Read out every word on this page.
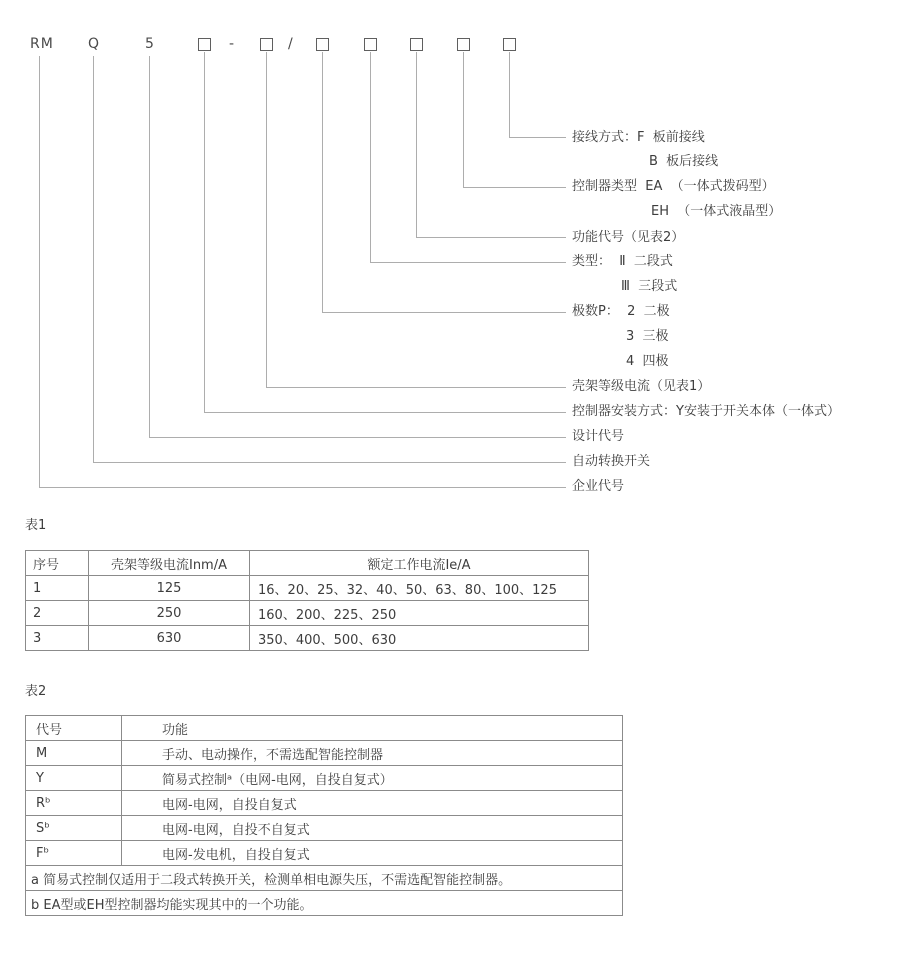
RM Q	5	-	/
接线方式：F  板前接线
B  板后接线
控制器类型  EA  （一体式拨码型）
EH  （一体式液晶型）
功能代号（见表2）
类型：  Ⅱ  二段式
Ⅲ  三段式
极数P：  2  二极
3  三极
4  四极
壳架等级电流（见表1）
控制器安装方式：Y安装于开关本体（一体式）
设计代号
自动转换开关
企业代号
表1
序号	壳架等级电流Inm/A	额定工作电流Ie/A
1	125	16、20、25、32、40、50、63、80、100、125
2	250	160、200、225、250
3	630	350、400、500、630
表2
代号	功能
M	手动、电动操作，不需选配智能控制器
Y	简易式控制ᵃ（电网-电网，自投自复式）
Rᵇ	电网-电网，自投自复式
Sᵇ	电网-电网，自投不自复式
Fᵇ	电网-发电机，自投自复式
a 简易式控制仅适用于二段式转换开关，检测单相电源失压，不需选配智能控制器。	
b EA型或EH型控制器均能实现其中的一个功能。	
